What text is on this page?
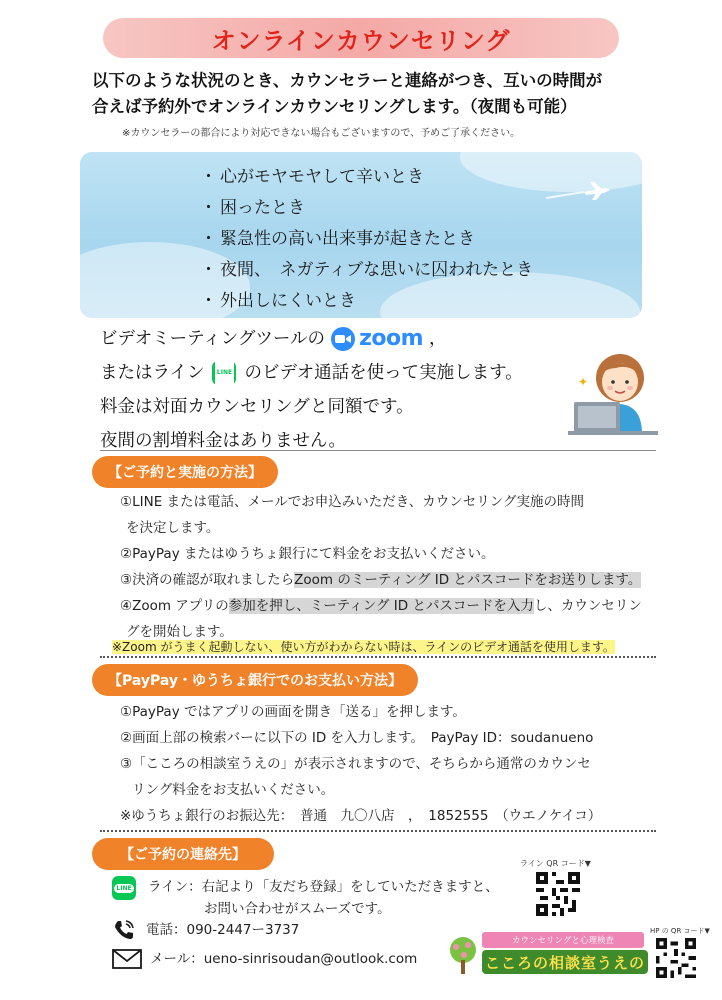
オンラインカウンセリング
以下のような状況のとき、カウンセラーと連絡がつき、互いの時間が
合えば予約外でオンラインカウンセリングします。（夜間も可能）
※カウンセラーの都合により対応できない場合もございますので、予めご了承ください。
・ 心がモヤモヤして辛いとき
・ 困ったとき
・ 緊急性の高い出来事が起きたとき
・ 夜間、　ネガティブな思いに囚われたとき
・ 外出しにくいとき
ビデオミーティングツールの zoom ，
またはライン	LINE のビデオ通話を使って実施します。
料金は対面カウンセリングと同額です。
夜間の割増料金はありません。
✦
【ご予約と実施の方法】

①LINE または電話、メールでお申込みいただき、カウンセリング実施の時間

を決定します。

②PayPay またはゆうちょ銀行にて料金をお支払いください。

③決済の確認が取れましたらZoom のミーティング ID とパスコードをお送りします。

④Zoom アプリの参加を押し、ミーティング ID とパスコードを入力し、カウンセリン

グを開始します。

※Zoom がうまく起動しない、使い方がわからない時は、ラインのビデオ通話を使用します。
【PayPay・ゆうちょ銀行でのお支払い方法】

①PayPay ではアプリの画面を開き「送る」を押します。

②画面上部の検索バーに以下の ID を入力します。　PayPay ID：soudanueno

③「こころの相談室うえの」が表示されますので、そちらから通常のカウンセ

リング料金をお支払いください。

※ゆうちょ銀行のお振込先：　普通　九〇八店　，　1852555　（ウエノケイコ）

【ご予約の連絡先】
ライン QR コード▼
LINE ライン：右記より「友だち登録」をしていただきますと、
お問い合わせがスムーズです。
電話：090-2447ー3737
メール：ueno-sinrisoudan@outlook.com
カウンセリングと心理検査
こころの相談室うえの
HP の QR コード▼
